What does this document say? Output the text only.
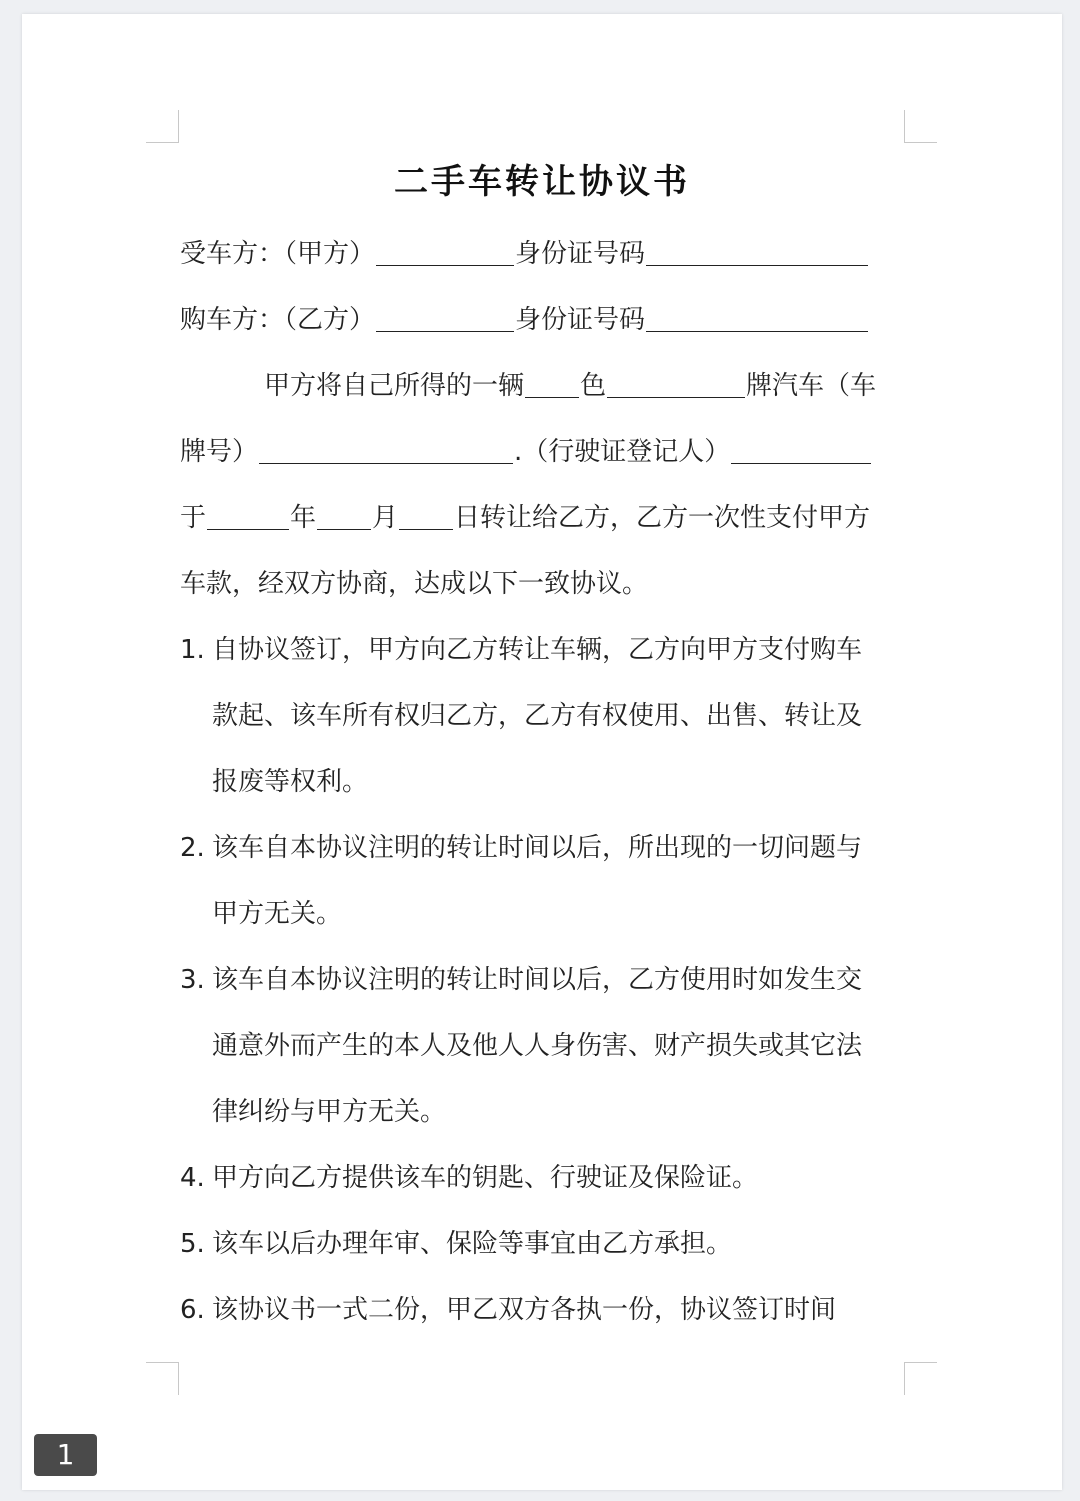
二手车转让协议书
受车方：（甲方）	身份证号码
购车方：（乙方）	身份证号码
甲方将自己所得的一辆 色	牌汽车（车
牌号）	.（行驶证登记人）
于	年 月 日转让给乙方，乙方一次性支付甲方
车款，经双方协商，达成以下一致协议。
1. 自协议签订，甲方向乙方转让车辆，乙方向甲方支付购车
款起、该车所有权归乙方，乙方有权使用、出售、转让及
报废等权利。
2. 该车自本协议注明的转让时间以后，所出现的一切问题与
甲方无关。
3. 该车自本协议注明的转让时间以后，乙方使用时如发生交
通意外而产生的本人及他人人身伤害、财产损失或其它法
律纠纷与甲方无关。
4. 甲方向乙方提供该车的钥匙、行驶证及保险证。
5. 该车以后办理年审、保险等事宜由乙方承担。
6. 该协议书一式二份，甲乙双方各执一份，协议签订时间
1
